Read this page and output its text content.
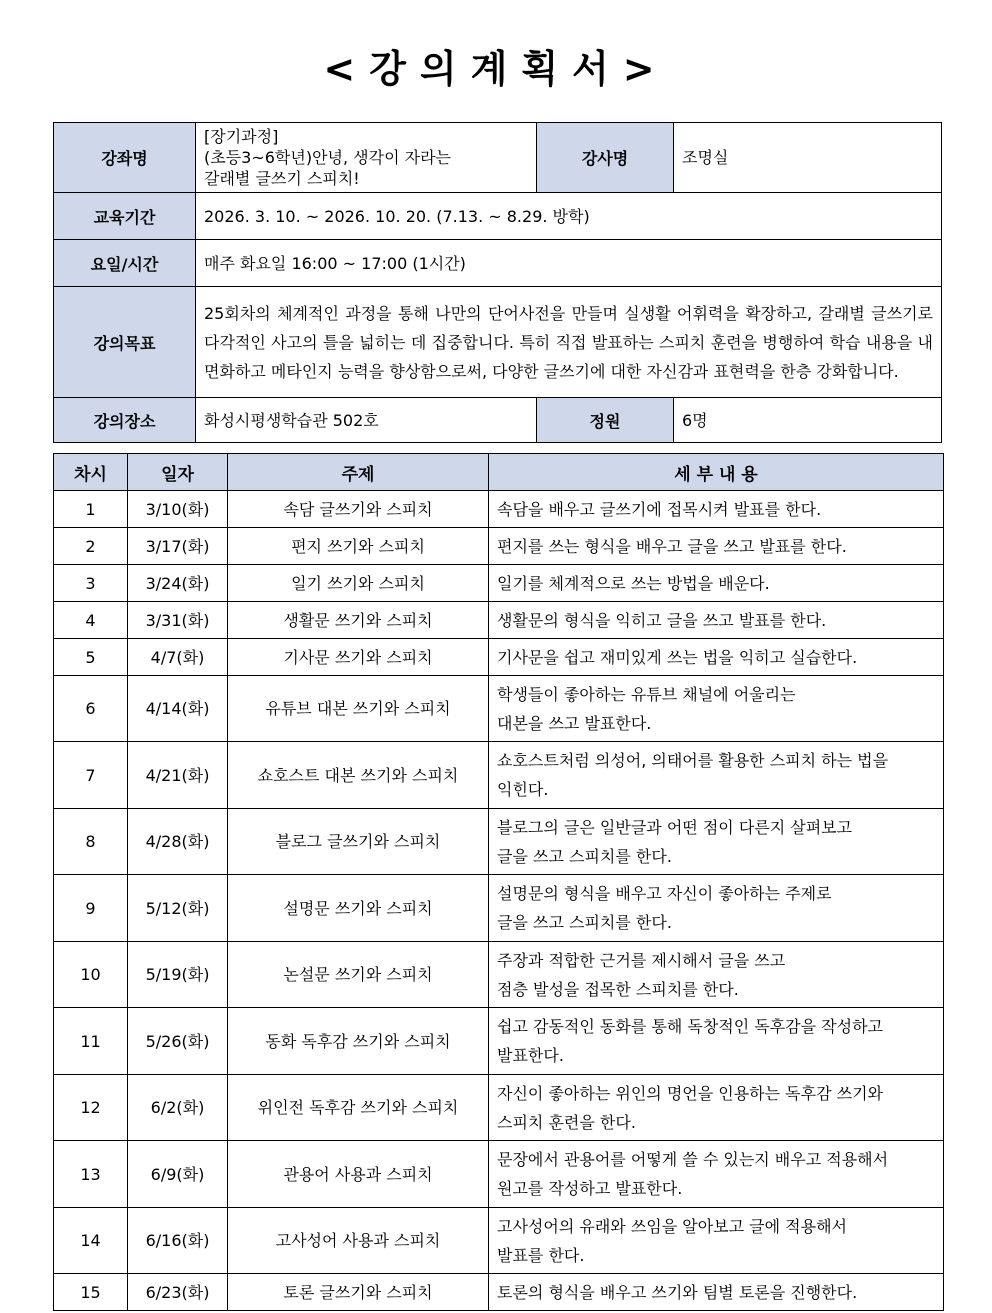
<강의계획서>
강좌명	[장기과정]
(초등3~6학년)안녕, 생각이 자라는
갈래별 글쓰기 스피치!	강사명	조명실
교육기간	2026. 3. 10. ~ 2026. 10. 20. (7.13. ~ 8.29. 방학)		
요일/시간	매주 화요일 16:00 ~ 17:00 (1시간)		
강의목표	25회차의 체계적인 과정을 통해 나만의 단어사전을 만들며 실생활 어휘력을 확장하고, 갈래별 글쓰기로 다각적인 사고의 틀을 넓히는 데 집중합니다. 특히 직접 발표하는 스피치 훈련을 병행하여 학습 내용을 내면화하고 메타인지 능력을 향상함으로써, 다양한 글쓰기에 대한 자신감과 표현력을 한층 강화합니다.		
강의장소	화성시평생학습관 502호	정원	6명
차시	일자	주제	세 부 내 용
1	3/10(화)	속담 글쓰기와 스피치	속담을 배우고 글쓰기에 접목시켜 발표를 한다.

2	3/17(화)	편지 쓰기와 스피치	편지를 쓰는 형식을 배우고 글을 쓰고 발표를 한다.

3	3/24(화)	일기 쓰기와 스피치	일기를 체계적으로 쓰는 방법을 배운다.

4	3/31(화)	생활문 쓰기와 스피치	생활문의 형식을 익히고 글을 쓰고 발표를 한다.

5	4/7(화)	기사문 쓰기와 스피치	기사문을 쉽고 재미있게 쓰는 법을 익히고 실습한다.

6	4/14(화)	유튜브 대본 쓰기와 스피치	학생들이 좋아하는 유튜브 채널에 어울리는
대본을 쓰고 발표한다.

7	4/21(화)	쇼호스트 대본 쓰기와 스피치	쇼호스트처럼 의성어, 의태어를 활용한 스피치 하는 법을
익힌다.

8	4/28(화)	블로그 글쓰기와 스피치	블로그의 글은 일반글과 어떤 점이 다른지 살펴보고
글을 쓰고 스피치를 한다.

9	5/12(화)	설명문 쓰기와 스피치	설명문의 형식을 배우고 자신이 좋아하는 주제로
글을 쓰고 스피치를 한다.

10	5/19(화)	논설문 쓰기와 스피치	주장과 적합한 근거를 제시해서 글을 쓰고
점층 발성을 접목한 스피치를 한다.

11	5/26(화)	동화 독후감 쓰기와 스피치	쉽고 감동적인 동화를 통해 독창적인 독후감을 작성하고
발표한다.

12	6/2(화)	위인전 독후감 쓰기와 스피치	자신이 좋아하는 위인의 명언을 인용하는 독후감 쓰기와
스피치 훈련을 한다.

13	6/9(화)	관용어 사용과 스피치	문장에서 관용어를 어떻게 쓸 수 있는지 배우고 적용해서
원고를 작성하고 발표한다.

14	6/16(화)	고사성어 사용과 스피치	고사성어의 유래와 쓰임을 알아보고 글에 적용해서
발표를 한다.

15	6/23(화)	토론 글쓰기와 스피치	토론의 형식을 배우고 쓰기와 팀별 토론을 진행한다.
